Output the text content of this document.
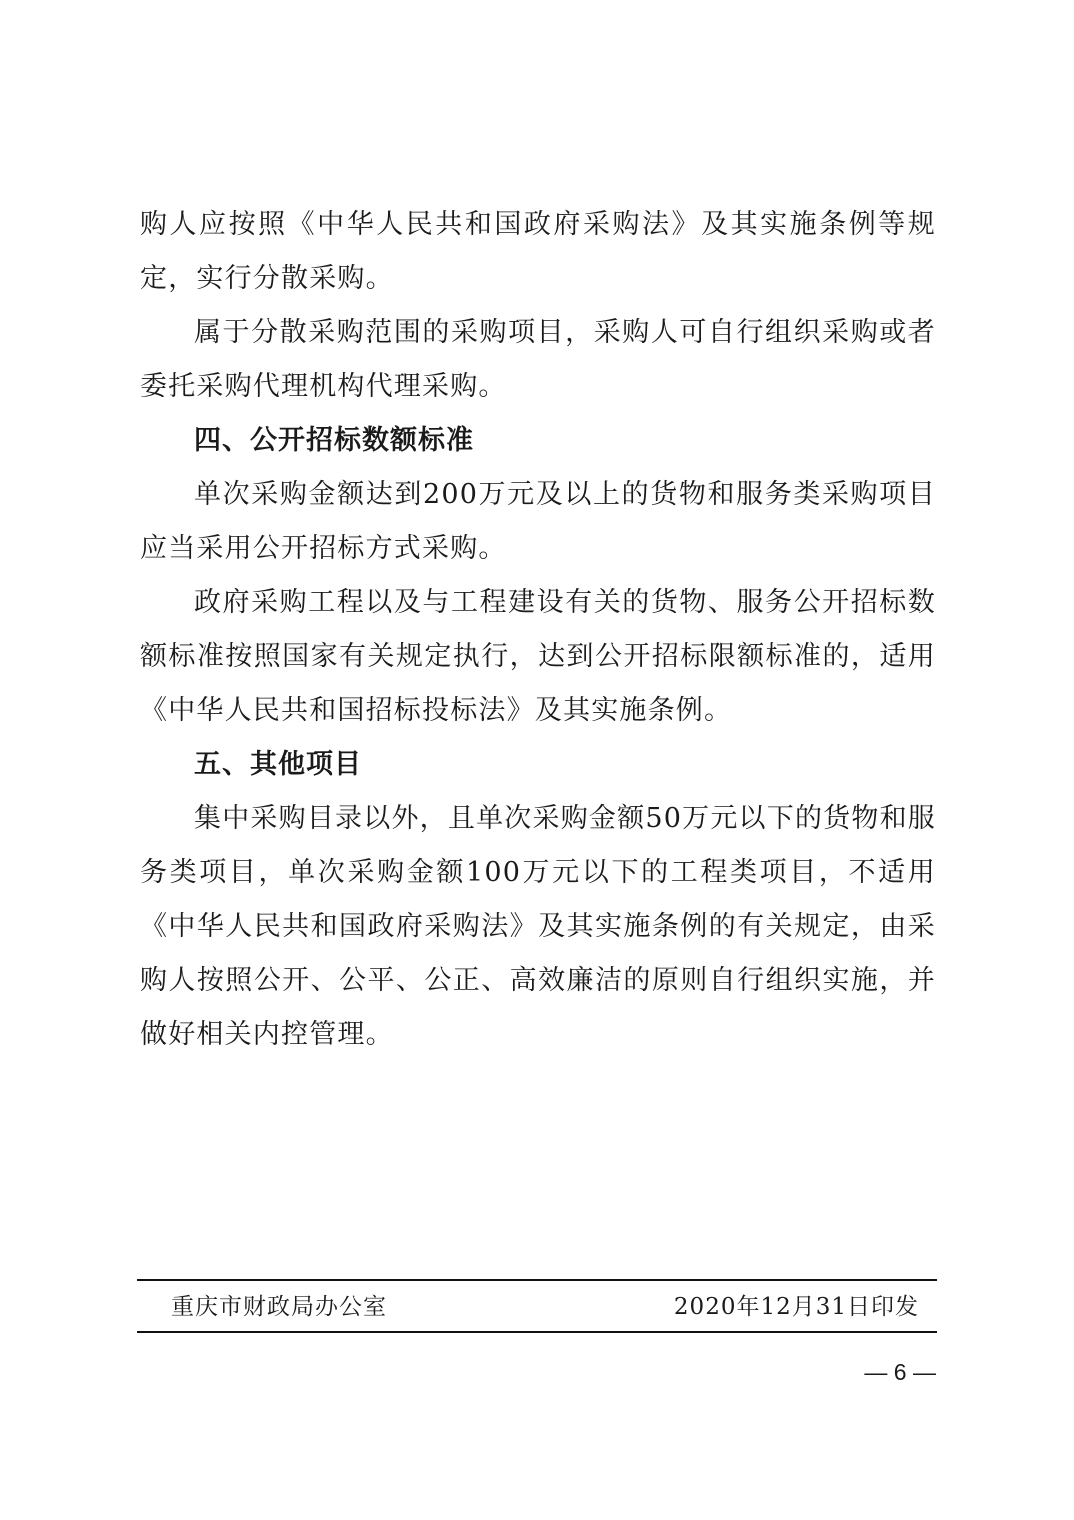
购人应按照《中华人民共和国政府采购法》及其实施条例等规定，实行分散采购。

属于分散采购范围的采购项目，采购人可自行组织采购或者委托采购代理机构代理采购。

四、公开招标数额标准

单次采购金额达到200万元及以上的货物和服务类采购项目应当采用公开招标方式采购。

政府采购工程以及与工程建设有关的货物、服务公开招标数额标准按照国家有关规定执行，达到公开招标限额标准的，适用《中华人民共和国招标投标法》及其实施条例。

五、其他项目

集中采购目录以外，且单次采购金额50万元以下的货物和服务类项目，单次采购金额100万元以下的工程类项目，不适用《中华人民共和国政府采购法》及其实施条例的有关规定，由采购人按照公开、公平、公正、高效廉洁的原则自行组织实施，并做好相关内控管理。

重庆市财政局办公室	2020年12月31日印发
— 6 —
